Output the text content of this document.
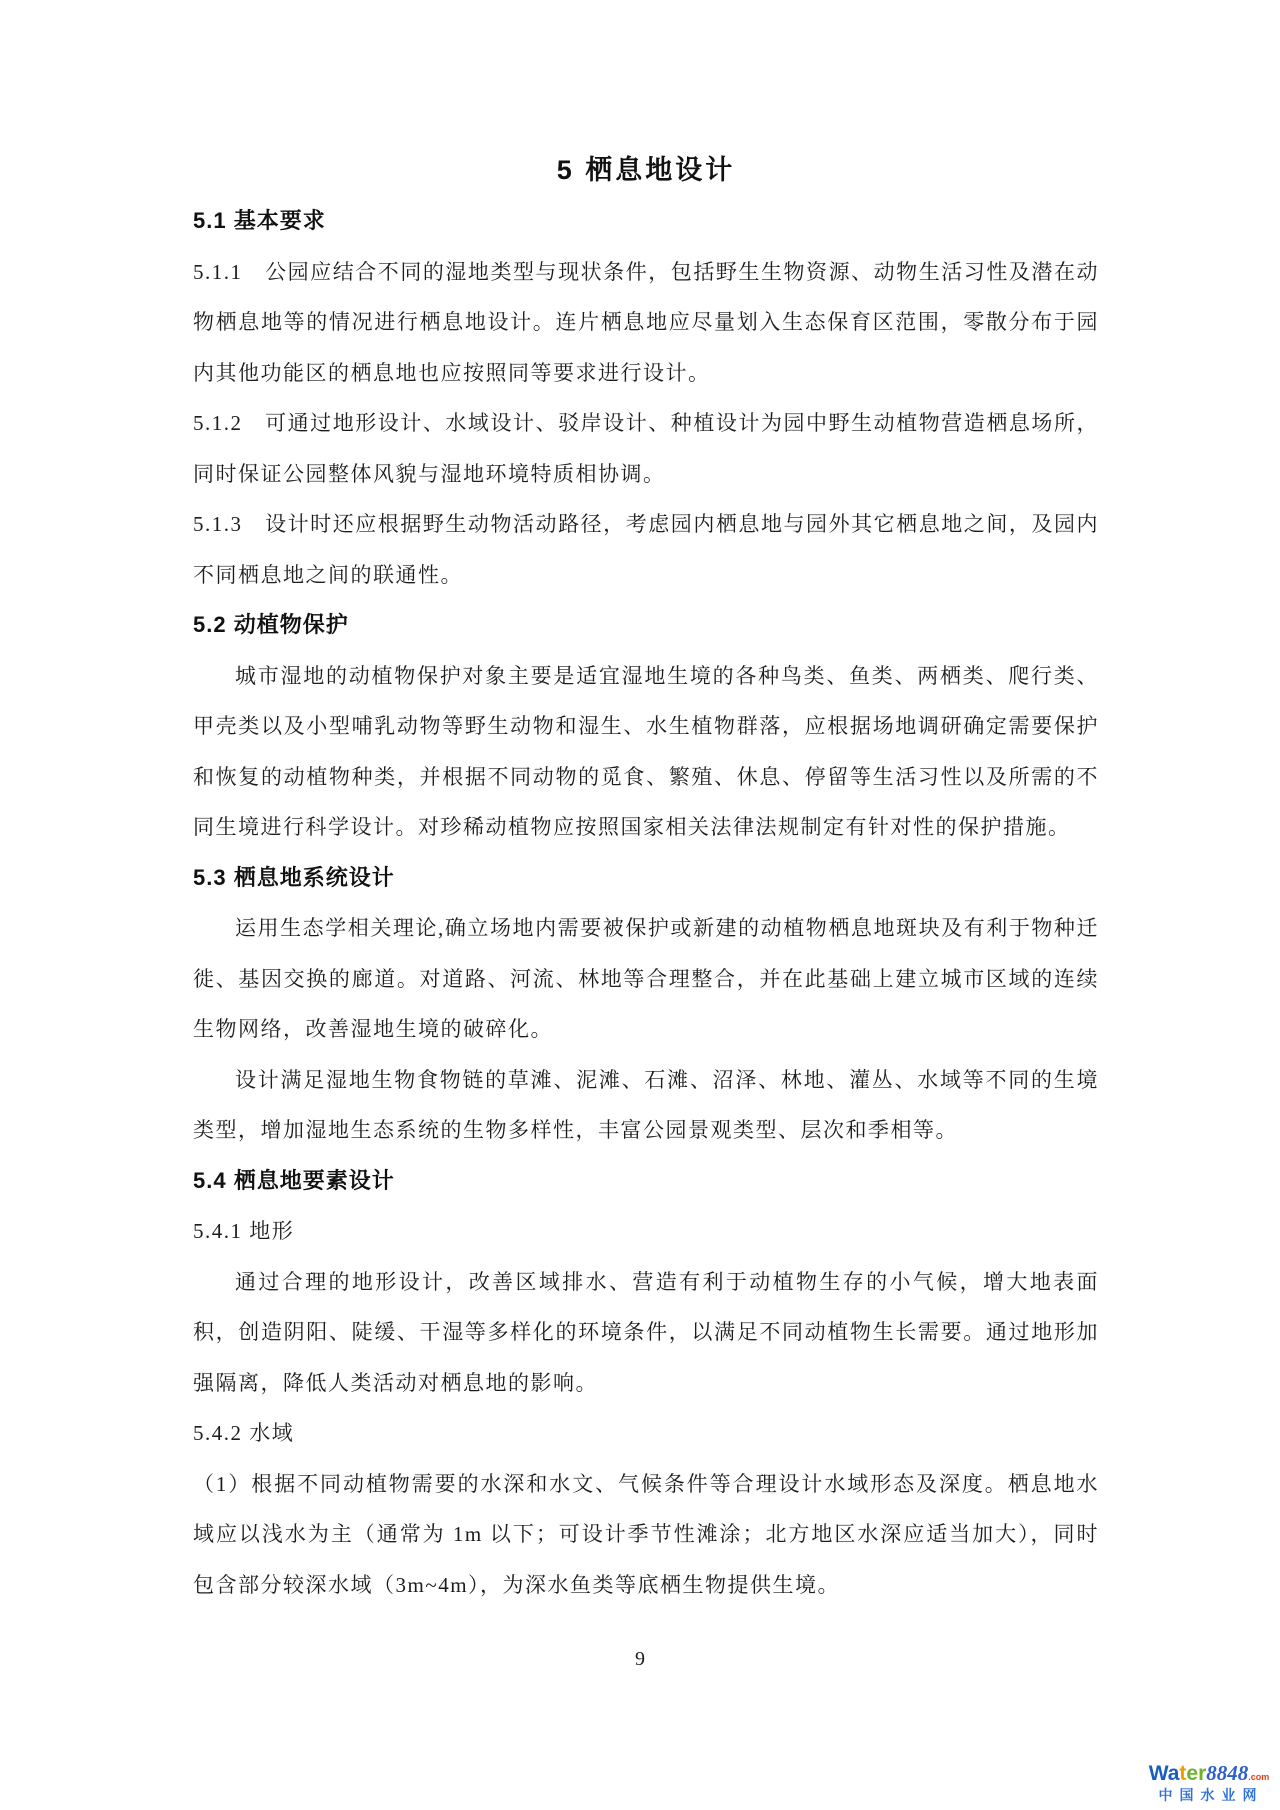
5 栖息地设计
5.1 基本要求

5.1.1　公园应结合不同的湿地类型与现状条件，包括野生生物资源、动物生活习性及潜在动物栖息地等的情况进行栖息地设计。连片栖息地应尽量划入生态保育区范围，零散分布于园内其他功能区的栖息地也应按照同等要求进行设计。

5.1.2　可通过地形设计、水域设计、驳岸设计、种植设计为园中野生动植物营造栖息场所，同时保证公园整体风貌与湿地环境特质相协调。

5.1.3　设计时还应根据野生动物活动路径，考虑园内栖息地与园外其它栖息地之间，及园内不同栖息地之间的联通性。

5.2 动植物保护

城市湿地的动植物保护对象主要是适宜湿地生境的各种鸟类、鱼类、两栖类、爬行类、甲壳类以及小型哺乳动物等野生动物和湿生、水生植物群落，应根据场地调研确定需要保护和恢复的动植物种类，并根据不同动物的觅食、繁殖、休息、停留等生活习性以及所需的不同生境进行科学设计。对珍稀动植物应按照国家相关法律法规制定有针对性的保护措施。

5.3 栖息地系统设计

运用生态学相关理论,确立场地内需要被保护或新建的动植物栖息地斑块及有利于物种迁徙、基因交换的廊道。对道路、河流、林地等合理整合，并在此基础上建立城市区域的连续生物网络，改善湿地生境的破碎化。

设计满足湿地生物食物链的草滩、泥滩、石滩、沼泽、林地、灌丛、水域等不同的生境类型，增加湿地生态系统的生物多样性，丰富公园景观类型、层次和季相等。

5.4 栖息地要素设计
5.4.1 地形

通过合理的地形设计，改善区域排水、营造有利于动植物生存的小气候，增大地表面积，创造阴阳、陡缓、干湿等多样化的环境条件，以满足不同动植物生长需要。通过地形加强隔离，降低人类活动对栖息地的影响。

5.4.2 水域

（1）根据不同动植物需要的水深和水文、气候条件等合理设计水域形态及深度。栖息地水域应以浅水为主（通常为 1m 以下；可设计季节性滩涂；北方地区水深应适当加大），同时包含部分较深水域（3m~4m），为深水鱼类等底栖生物提供生境。

9
Water8848.com
中国水业网
